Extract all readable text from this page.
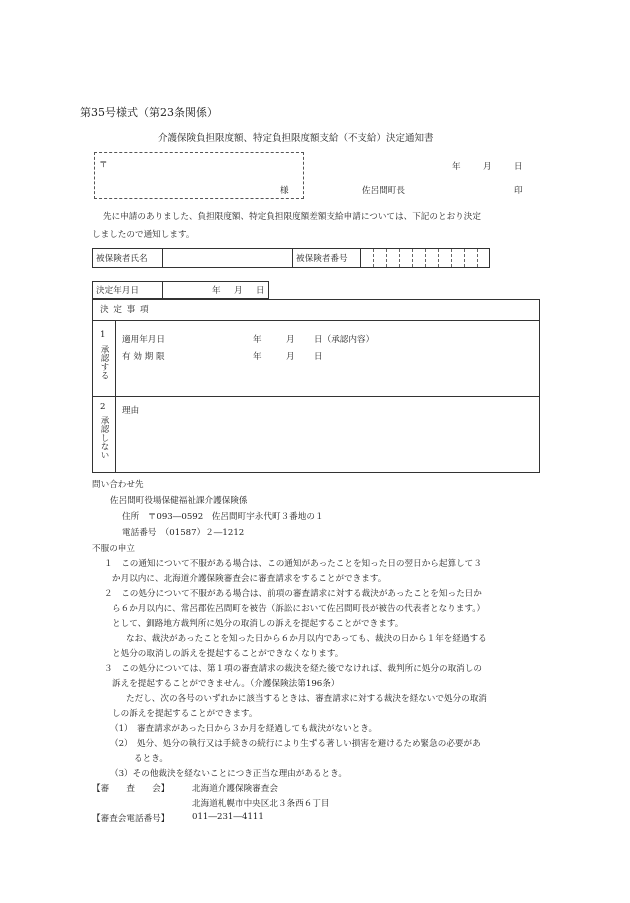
第35号様式（第23条関係）
介護保険負担限度額、特定負担限度額支給（不支給）決定通知書
〒
様
年	月	日
佐呂間町長	印
先に申請のありました、負担限度額、特定負担限度額差額支給申請については、下記のとおり決定
しましたので通知します。
被保険者氏名	被保険者番号
決定年月日	年 月 日
決 定 事 項
1
承認する
適用年月日	年	月 日（承認内容）
有 効 期 限	年	月 日
2
承認しない
理由
問い合わせ先
佐呂間町役場保健福祉課介護保険係
住所　〒093―0592　佐呂間町宇永代町３番地の１
電話番号　（01587）２―1212
不服の申立
１　この通知について不服がある場合は、この通知があったことを知った日の翌日から起算して３
か月以内に、北海道介護保険審査会に審査請求をすることができます。
２　この処分について不服がある場合は、前項の審査請求に対する裁決があったことを知った日か
ら６か月以内に、常呂郡佐呂間町を被告（訴訟において佐呂間町長が被告の代表者となります。）
として、釧路地方裁判所に処分の取消しの訴えを提起することができます。
なお、裁決があったことを知った日から６か月以内であっても、裁決の日から１年を経過する
と処分の取消しの訴えを提起することができなくなります。
３　この処分については、第１項の審査請求の裁決を経た後でなければ、裁判所に処分の取消しの
訴えを提起することができません。（介護保険法第196条）
ただし、次の各号のいずれかに該当するときは、審査請求に対する裁決を経ないで処分の取消
しの訴えを提起することができます。
（1）　審査請求があった日から３か月を経過しても裁決がないとき。
（2）　処分、処分の執行又は手続きの続行により生ずる著しい損害を避けるため緊急の必要があ
るとき。
（3）その他裁決を経ないことにつき正当な理由があるとき。
【審　　査　　会】	北海道介護保険審査会
北海道札幌市中央区北３条西６丁目
【審査会電話番号】	011―231―4111
